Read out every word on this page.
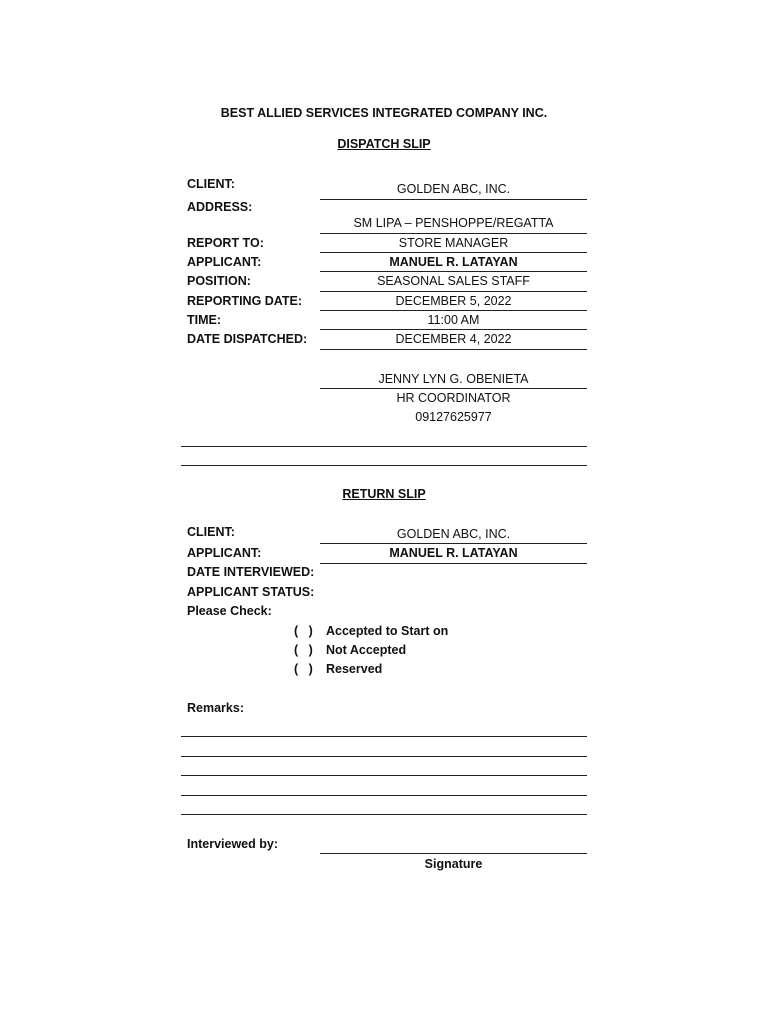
BEST ALLIED SERVICES INTEGRATED COMPANY INC.
DISPATCH SLIP
CLIENT:
ADDRESS:
REPORT TO:
APPLICANT:
POSITION:
REPORTING DATE:
TIME:
DATE DISPATCHED:
GOLDEN ABC, INC.
SM LIPA – PENSHOPPE/REGATTA
STORE MANAGER
MANUEL R. LATAYAN
SEASONAL SALES STAFF
DECEMBER 5, 2022
11:00 AM
DECEMBER 4, 2022
JENNY LYN G. OBENIETA
HR COORDINATOR
09127625977
RETURN SLIP
CLIENT:	GOLDEN ABC, INC.
APPLICANT:	MANUEL R. LATAYAN
DATE INTERVIEWED:
APPLICANT STATUS:
Please Check:
(   ) Accepted to Start on
(   ) Not Accepted
(   ) Reserved
Remarks:
Interviewed by:
Signature
